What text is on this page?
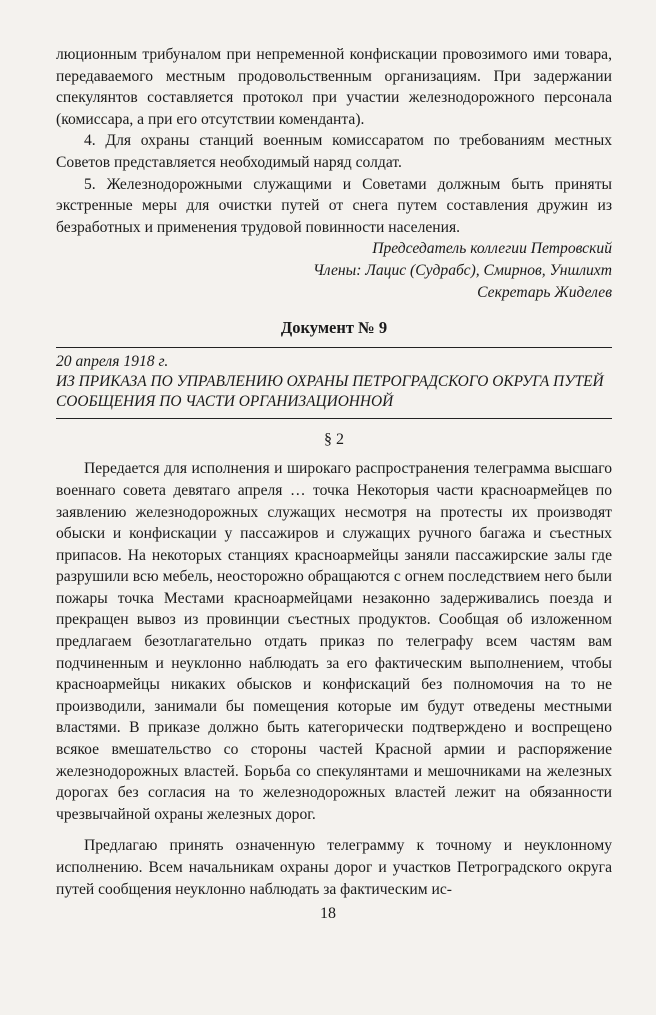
люционным трибуналом при непременной конфискации провозимого ими товара, передаваемого местным продовольственным организациям. При задержании спекулянтов составляется протокол при участии железнодорожного персонала (комиссара, а при его отсутствии коменданта).

4. Для охраны станций военным комиссаратом по требованиям местных Советов представляется необходимый наряд солдат.

5. Железнодорожными служащими и Советами должным быть приняты экстренные меры для очистки путей от снега путем составления дружин из безработных и применения трудовой повинности населения.

Председатель коллегии Петровский

Члены: Лацис (Судрабс), Смирнов, Уншлихт

Секретарь Жиделев

Документ № 9
20 апреля 1918 г.
ИЗ ПРИКАЗА ПО УПРАВЛЕНИЮ ОХРАНЫ ПЕТРОГРАДСКОГО ОКРУГА ПУТЕЙ СООБЩЕНИЯ ПО ЧАСТИ ОРГАНИЗАЦИОННОЙ
§ 2

Передается для исполнения и широкаго распространения телеграмма высшаго военнаго совета девятаго апреля … точка Некоторыя части красноармейцев по заявлению железнодорожных служащих несмотря на протесты их производят обыски и конфискации у пассажиров и служащих ручного багажа и съестных припасов. На некоторых станциях красноармейцы заняли пассажирские залы где разрушили всю мебель, неосторожно обращаются с огнем последствием него были пожары точка Местами красноармейцами незаконно задерживались поезда и прекращен вывоз из провинции съестных продуктов. Сообщая об изложенном предлагаем безотлагательно отдать приказ по телеграфу всем частям вам подчиненным и неуклонно наблюдать за его фактическим выполнением, чтобы красноармейцы никаких обысков и конфискаций без полномочия на то не производили, занимали бы помещения которые им будут отведены местными властями. В приказе должно быть категорически подтверждено и воспрещено всякое вмешательство со стороны частей Красной армии и распоряжение железнодорожных властей. Борьба со спекулянтами и мешочниками на железных дорогах без согласия на то железнодорожных властей лежит на обязанности чрезвычайной охраны железных дорог.

Предлагаю принять означенную телеграмму к точному и неуклонному исполнению. Всем начальникам охраны дорог и участков Петроградского округа путей сообщения неуклонно наблюдать за фактическим ис-

18
